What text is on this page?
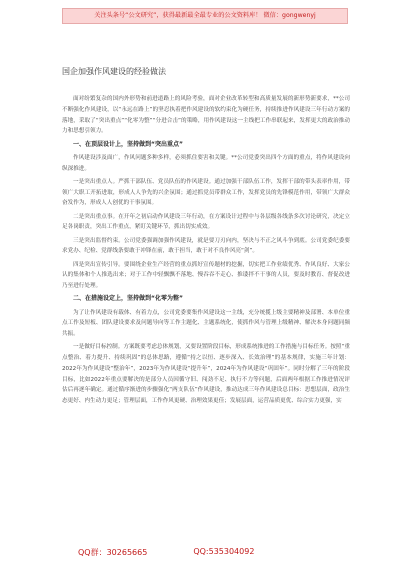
关注头条号“公文研究”，获得最新最全最专业的公文资料库！ 微信：gongwenyj
国企加强作风建设的经验做法

面对纷繁复杂的国内外形势和前进道路上的风险考验，面对企业改革转型和高质量发展的新形势新要求，**公司不断强化作风建设，以“永远在路上”的坚忍执着把作风建设的软约束化为硬任务，持续推进作风建设三年行动方案的落地，采取了“突出重点”“化零为整”“分进合击”的策略，用作风建设这一主线把工作串联起来，发挥更大的政治推动力和思想引领力。

一、在顶层设计上，坚持做到“突出重点”

作风建设涉及面广，作风问题多种多样，必须抓住要害和关键。**公司党委突出四个方面的重点，将作风建设向纵深推进。

一是突出重点人。严抓干部队伍、党员队伍的作风建设。通过加强干部队伍工作，发挥干部的带头表率作用，带领广大职工开拓进取，形成人人争先的兴企氛围；通过抓党员带群众工作，发挥党员的先锋模范作用，带领广大群众奋发作为，形成人人创优的干事氛围。

二是突出重点事。在开年之初启动作风建设三年行动，在方案设计过程中与各层级各线条多次讨论研究，决定立足各岗职责，突出工作重点，紧盯关键环节，抓出切实成效。

三是突出监督约束。公司党委强调加强作风建设，就是要刀刃向内，坚决与不正之风斗争到底。公司党委纪委要求党办、纪检、党群线条要敢于冲锋在前，敢于担当，敢于对不良作风亮“剑”。

四是突出宣传引导。要围绕企业生产经营的重点抓好宣传题材的挖掘，切实把工作业绩优秀、作风良好、大家公认的集体和个人推选出来；对于工作中轻飘飘不落地、慢吞吞不走心、推诿拌不干事的人员，要及时教育、督促改进乃至进行处理。

二、在措施设定上，坚持做到“化零为整”

为了让作风建设有载体、有着力点，公司党委要集作风建设这一主线，充分统揽上级主要精神及部署、本单位重点工作及短板、团队建设要求及问题导向等工作主题化、主题系统化，使抓作风与管理上级精神、解决本身问题同频共振。

一是做好目标控制。方案既要考虑总体规划，又要设置阶段目标，形成系统推进的工作措施与目标任务。按照“重点整治、着力提升、持续巩固”的总体思路，遵循“持之以恒、逐步深入、长效治理”的基本规律，实施三年计划：2022年为作风建设“整治年”，2023年为作风建设“提升年”，2024年为作风建设“巩固年”。同时分解了三年的阶段目标，比如2022年重点要解决的是部分人员因循守旧、闯劲不足、执行不力等问题，后面两年根据工作推进情况评估后再逐年确定。通过循序渐进的步骤强化“两支队伍”作风建设，推动达成三年作风建设总目标：思想层面，政治生态更好、内生动力更足；管理层面，工作作风更硬、治理效果更佳；发展层面，运营品质更优、综合实力更强，实

QQ群：30265665	QQ:535304092
